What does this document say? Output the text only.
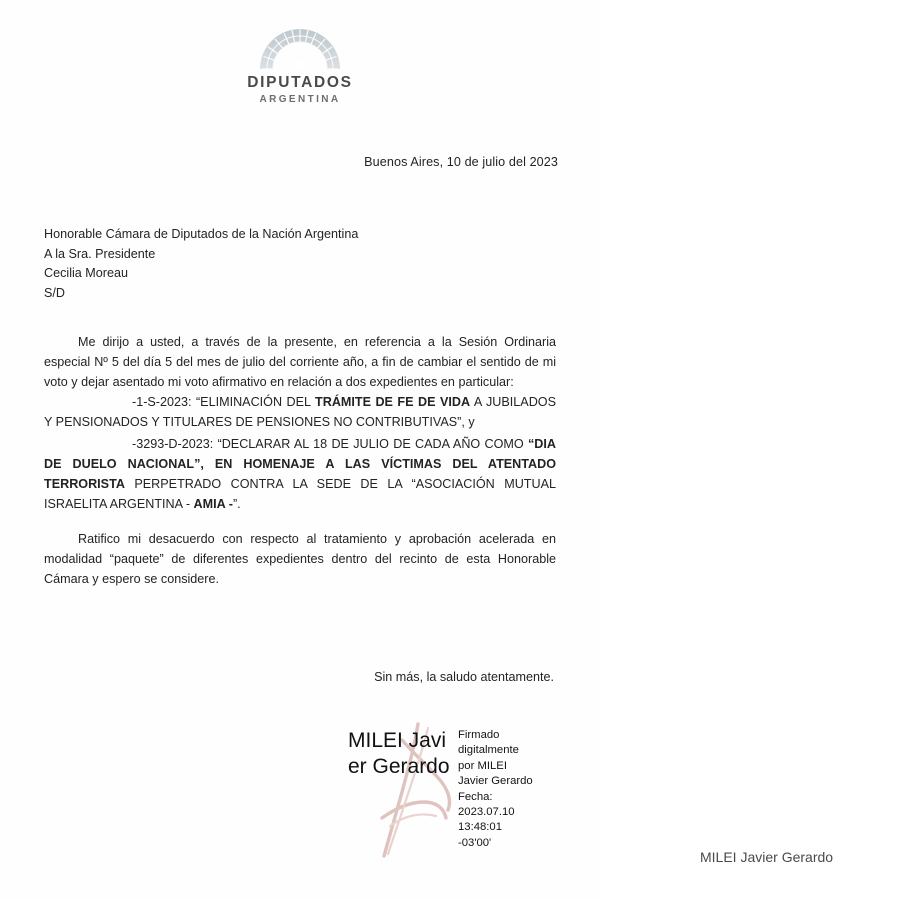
DIPUTADOS
ARGENTINA
Buenos Aires, 10 de julio del 2023
Honorable Cámara de Diputados de la Nación Argentina
A la Sra. Presidente
Cecilia Moreau
S/D

Me dirijo a usted, a través de la presente, en referencia a la Sesión Ordinaria especial Nº 5 del día 5 del mes de julio del corriente año, a fin de cambiar el sentido de mi voto y dejar asentado mi voto afirmativo en relación a dos expedientes en particular:

-1-S-2023: “ELIMINACIÓN DEL TRÁMITE DE FE DE VIDA A JUBILADOS Y PENSIONADOS Y TITULARES DE PENSIONES NO CONTRIBUTIVAS”, y

-3293-D-2023: “DECLARAR AL 18 DE JULIO DE CADA AÑO COMO “DIA DE DUELO NACIONAL”, EN HOMENAJE A LAS VÍCTIMAS DEL ATENTADO TERRORISTA PERPETRADO CONTRA LA SEDE DE LA “ASOCIACIÓN MUTUAL ISRAELITA ARGENTINA - AMIA -”.

Ratifico mi desacuerdo con respecto al tratamiento y aprobación acelerada en modalidad “paquete” de diferentes expedientes dentro del recinto de esta Honorable Cámara y espero se considere.

Sin más, la saludo atentamente.
MILEI Javier Gerardo
Firmado
digitalmente
por MILEI
Javier Gerardo
Fecha:
2023.07.10
13:48:01
-03'00'
MILEI Javier Gerardo
